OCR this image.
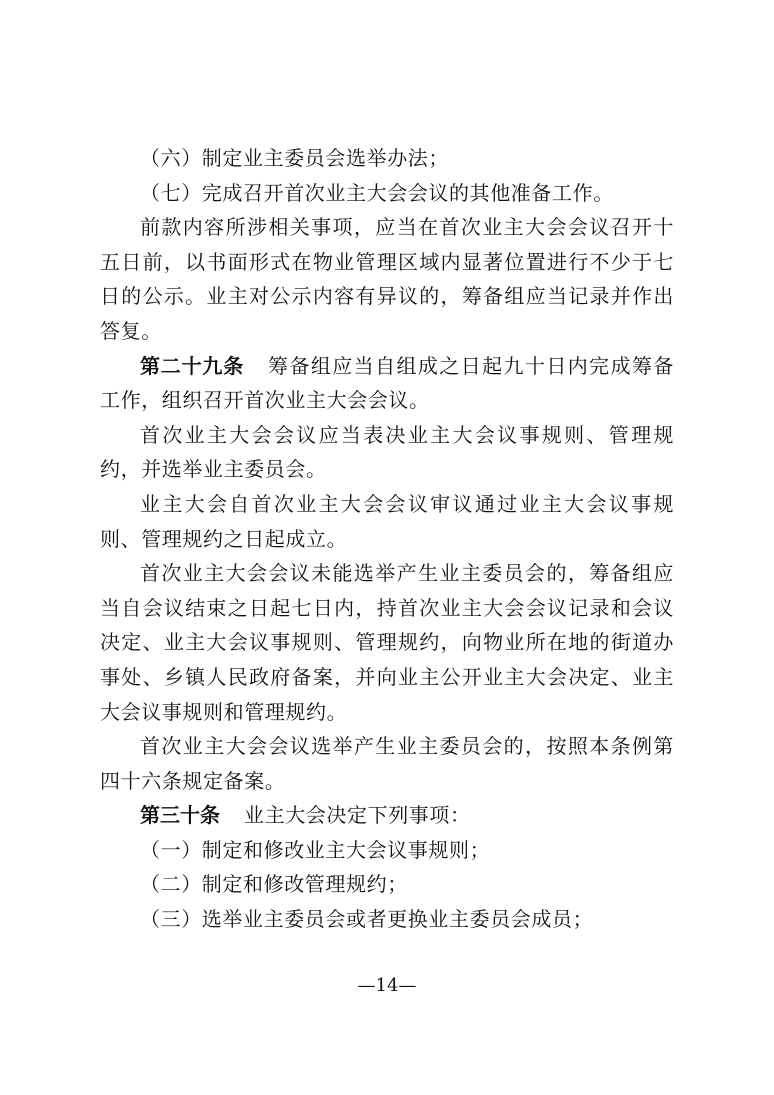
（六）制定业主委员会选举办法；

（七）完成召开首次业主大会会议的其他准备工作。

前款内容所涉相关事项，应当在首次业主大会会议召开十五日前，以书面形式在物业管理区域内显著位置进行不少于七日的公示。业主对公示内容有异议的，筹备组应当记录并作出答复。

第二十九条 筹备组应当自组成之日起九十日内完成筹备工作，组织召开首次业主大会会议。

首次业主大会会议应当表决业主大会议事规则、管理规约，并选举业主委员会。

业主大会自首次业主大会会议审议通过业主大会议事规则、管理规约之日起成立。

首次业主大会会议未能选举产生业主委员会的，筹备组应当自会议结束之日起七日内，持首次业主大会会议记录和会议决定、业主大会议事规则、管理规约，向物业所在地的街道办事处、乡镇人民政府备案，并向业主公开业主大会决定、业主大会议事规则和管理规约。

首次业主大会会议选举产生业主委员会的，按照本条例第四十六条规定备案。

第三十条 业主大会决定下列事项：

（一）制定和修改业主大会议事规则；

（二）制定和修改管理规约；

（三）选举业主委员会或者更换业主委员会成员；

—14—
